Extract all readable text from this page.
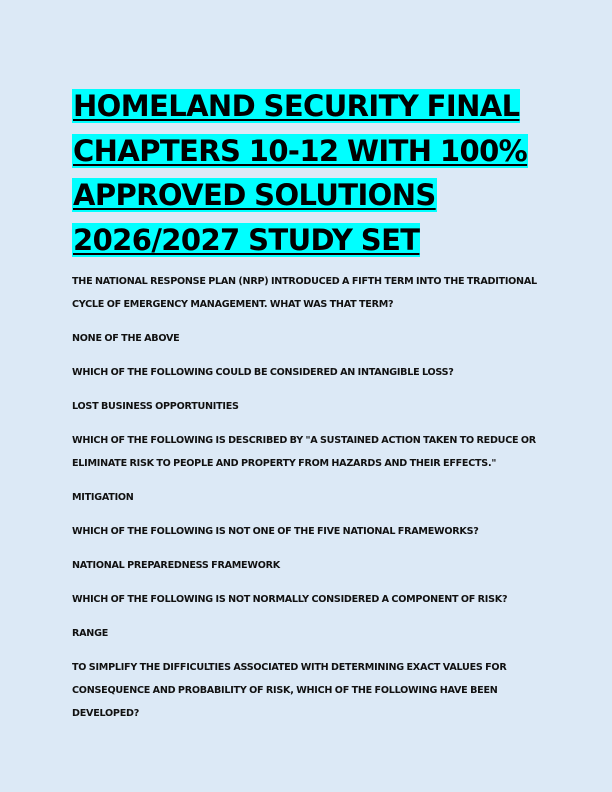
HOMELAND SECURITY FINAL
CHAPTERS 10-12 WITH 100%
APPROVED SOLUTIONS
2026/2027 STUDY SET

THE NATIONAL RESPONSE PLAN (NRP) INTRODUCED A FIFTH TERM INTO THE TRADITIONAL
CYCLE OF EMERGENCY MANAGEMENT. WHAT WAS THAT TERM?

NONE OF THE ABOVE

WHICH OF THE FOLLOWING COULD BE CONSIDERED AN INTANGIBLE LOSS?

LOST BUSINESS OPPORTUNITIES

WHICH OF THE FOLLOWING IS DESCRIBED BY "A SUSTAINED ACTION TAKEN TO REDUCE OR
ELIMINATE RISK TO PEOPLE AND PROPERTY FROM HAZARDS AND THEIR EFFECTS."

MITIGATION

WHICH OF THE FOLLOWING IS NOT ONE OF THE FIVE NATIONAL FRAMEWORKS?

NATIONAL PREPAREDNESS FRAMEWORK

WHICH OF THE FOLLOWING IS NOT NORMALLY CONSIDERED A COMPONENT OF RISK?

RANGE

TO SIMPLIFY THE DIFFICULTIES ASSOCIATED WITH DETERMINING EXACT VALUES FOR
CONSEQUENCE AND PROBABILITY OF RISK, WHICH OF THE FOLLOWING HAVE BEEN
DEVELOPED?
